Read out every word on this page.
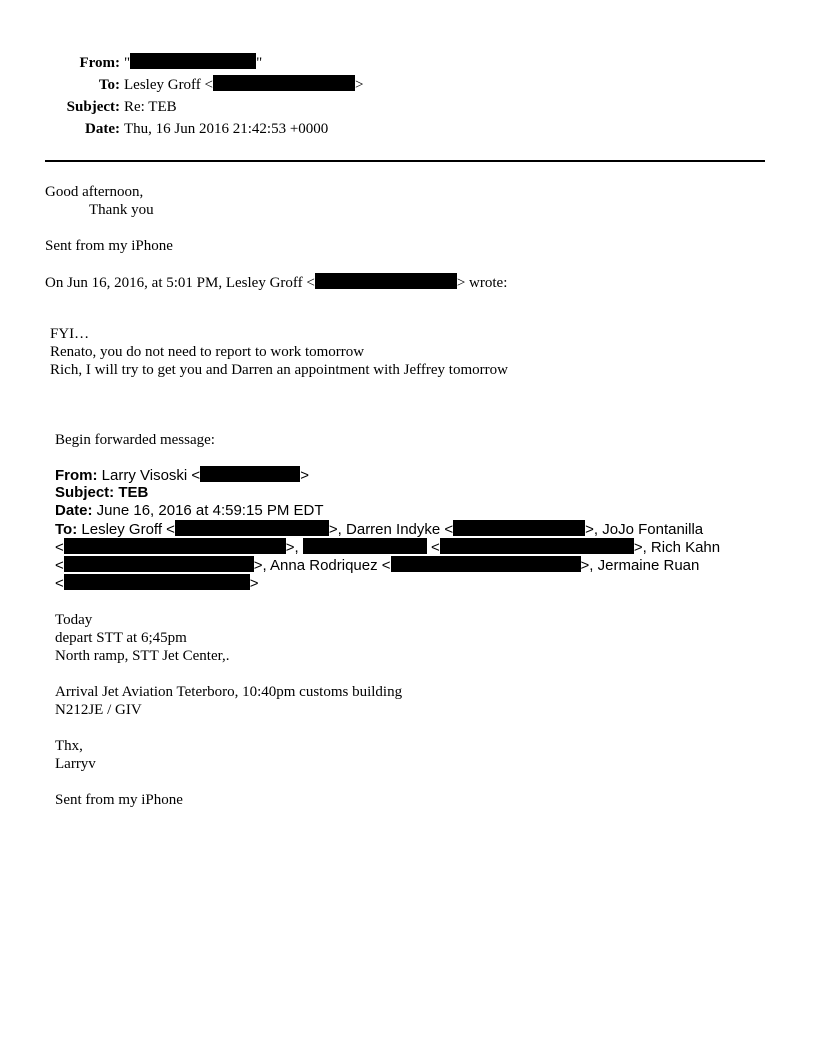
From: "	"
To: Lesley Groff <	>
Subject: Re: TEB
Date: Thu, 16 Jun 2016 21:42:53 +0000
Good afternoon,
Thank you
Sent from my iPhone
On Jun 16, 2016, at 5:01 PM, Lesley Groff <	> wrote:
FYI…
Renato, you do not need to report to work tomorrow
Rich, I will try to get you and Darren an appointment with Jeffrey tomorrow
Begin forwarded message:
From: Larry Visoski <	>
Subject: TEB
Date: June 16, 2016 at 4:59:15 PM EDT
To: Lesley Groff <	>, Darren Indyke <	>, JoJo Fontanilla
<	>,	<	>, Rich Kahn
<	>, Anna Rodriquez <	>, Jermaine Ruan
<	>
Today
depart STT at 6;45pm
North ramp, STT Jet Center,.
Arrival Jet Aviation Teterboro, 10:40pm customs building
N212JE / GIV
Thx,
Larryv
Sent from my iPhone
